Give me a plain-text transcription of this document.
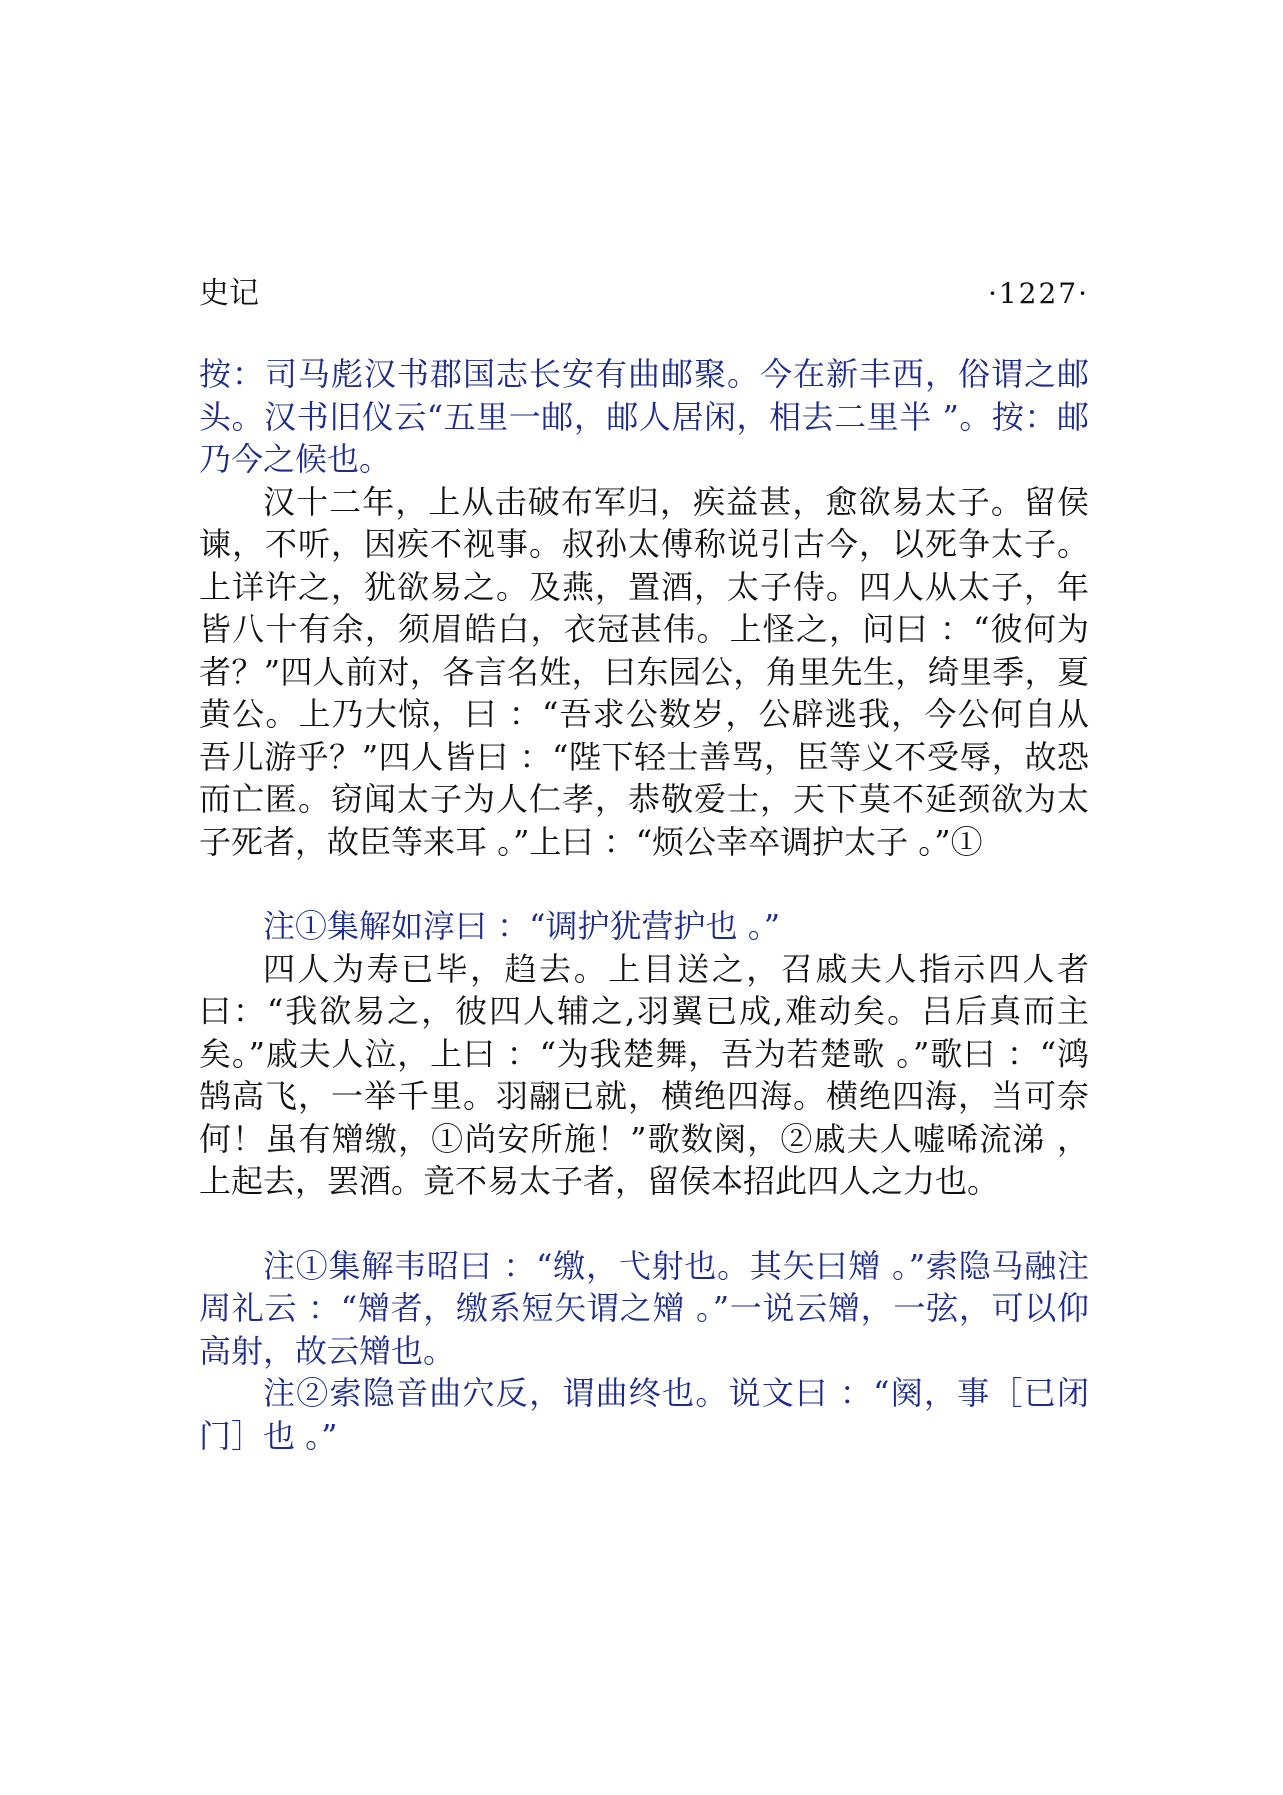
史记	·1227·

按：司马彪汉书郡国志长安有曲邮聚。今在新丰西，俗谓之邮头。汉书旧仪云“五里一邮，邮人居闲，相去二里半 ”。按：邮乃今之候也。

汉十二年，上从击破布军归，疾益甚，愈欲易太子。留侯谏，不听，因疾不视事。叔孙太傅称说引古今，以死争太子。上详许之，犹欲易之。及燕，置酒，太子侍。四人从太子，年皆八十有余，须眉皓白，衣冠甚伟。上怪之，问曰 ：“彼何为者？”四人前对，各言名姓，曰东园公，角里先生，绮里季，夏黄公。上乃大惊，曰 ：“吾求公数岁，公辟逃我，今公何自从吾儿游乎？”四人皆曰 ：“陛下轻士善骂，臣等义不受辱，故恐而亡匿。窃闻太子为人仁孝，恭敬爱士，天下莫不延颈欲为太子死者，故臣等来耳 。”上曰 ：“烦公幸卒调护太子 。”①

注①集解如淳曰 ：“调护犹营护也 。”

四人为寿已毕，趋去。上目送之，召戚夫人指示四人者曰：“我欲易之，彼四人辅之,羽翼已成,难动矣。吕后真而主矣。”戚夫人泣，上曰 ：“为我楚舞，吾为若楚歌 。”歌曰 ：“鸿鹄高飞，一举千里。羽翮已就，横绝四海。横绝四海，当可奈何！虽有矰缴，①尚安所施！”歌数阕，②戚夫人嘘唏流涕 ，上起去，罢酒。竟不易太子者，留侯本招此四人之力也。

注①集解韦昭曰 ：“缴，弋射也。其矢曰矰 。”索隐马融注周礼云 ：“矰者，缴系短矢谓之矰 。”一说云矰，一弦，可以仰高射，故云矰也。

注②索隐音曲穴反，谓曲终也。说文曰 ：“阕，事［已闭门］也 。”
